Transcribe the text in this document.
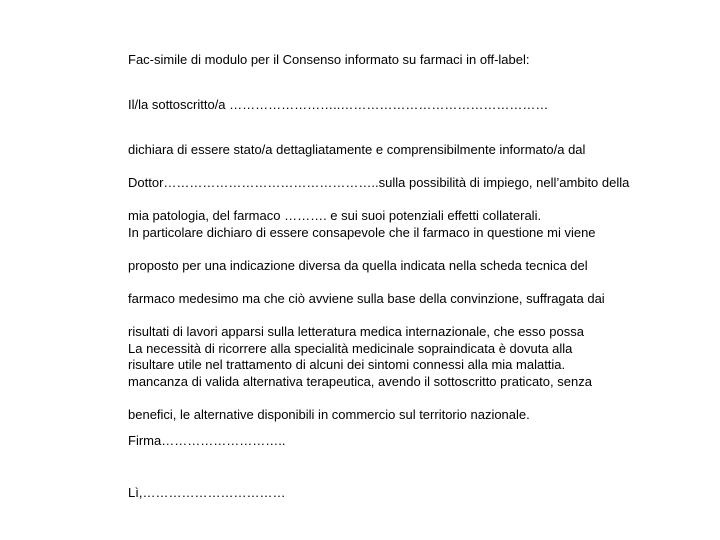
Fac-simile di modulo per il Consenso informato su farmaci in off-label:
Il/la sottoscritto/a ……………………..…………………………………………

dichiara di essere stato/a dettagliatamente e comprensibilmente informato/a dal

Dottor…………………………………………..sulla possibilità di impiego, nell’ambito della

mia patologia, del farmaco ………. e sui suoi potenziali effetti collaterali.

In particolare dichiaro di essere consapevole che il farmaco in questione mi viene

proposto per una indicazione diversa da quella indicata nella scheda tecnica del

farmaco medesimo ma che ciò avviene sulla base della convinzione, suffragata dai

risultati di lavori apparsi sulla letteratura medica internazionale, che esso possa

risultare utile nel trattamento di alcuni dei sintomi connessi alla mia malattia.

La necessità di ricorrere alla specialità medicinale sopraindicata è dovuta alla

mancanza di valida alternativa terapeutica, avendo il sottoscritto praticato, senza

benefici, le alternative disponibili in commercio sul territorio nazionale.

Firma………………………..
Lì,……………………………
